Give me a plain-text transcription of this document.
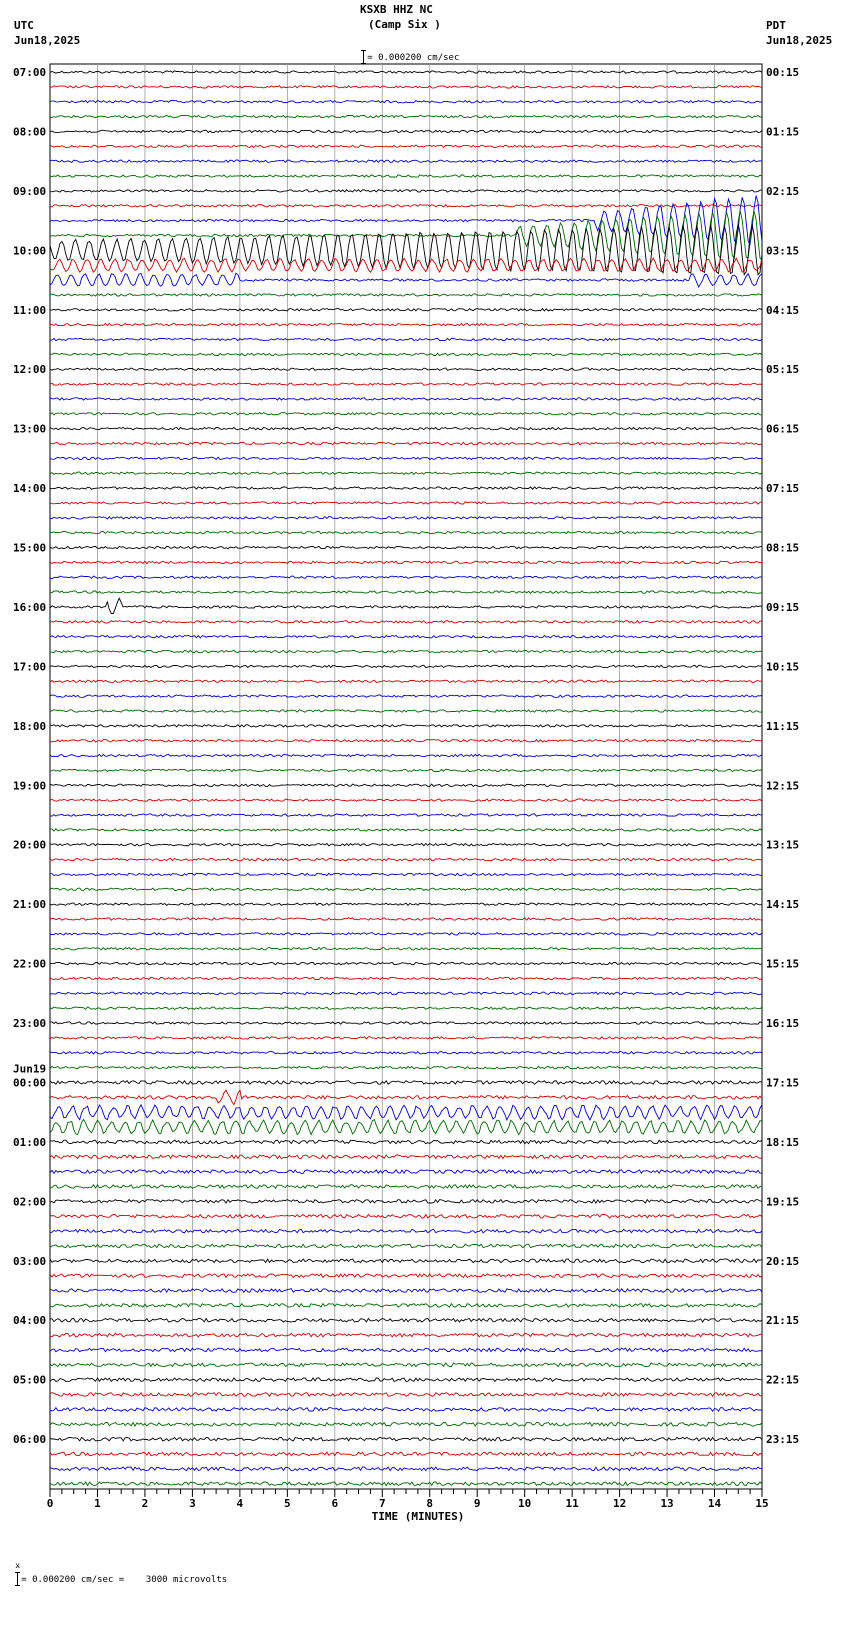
KSXB HHZ NC
(Camp Six )

= 0.000200 cm/sec

UTC
Jun18,2025
PDT
Jun18,2025
07:00
08:00
09:00
10:00
11:00
12:00
13:00
14:00
15:00
16:00
17:00
18:00
19:00
20:00
21:00
22:00
23:00
00:00
Jun19
01:00
02:00
03:00
04:00
05:00
06:00
00:15
01:15
02:15
03:15
04:15
05:15
06:15
07:15
08:15
09:15
10:15
11:15
12:15
13:15
14:15
15:15
16:15
17:15
18:15
19:15
20:15
21:15
22:15
23:15
0	1	2	3	4	5	6	7	8	9	10	11	12	13	14	15
TIME (MINUTES)

x

= 0.000200 cm/sec =    3000 microvolts
